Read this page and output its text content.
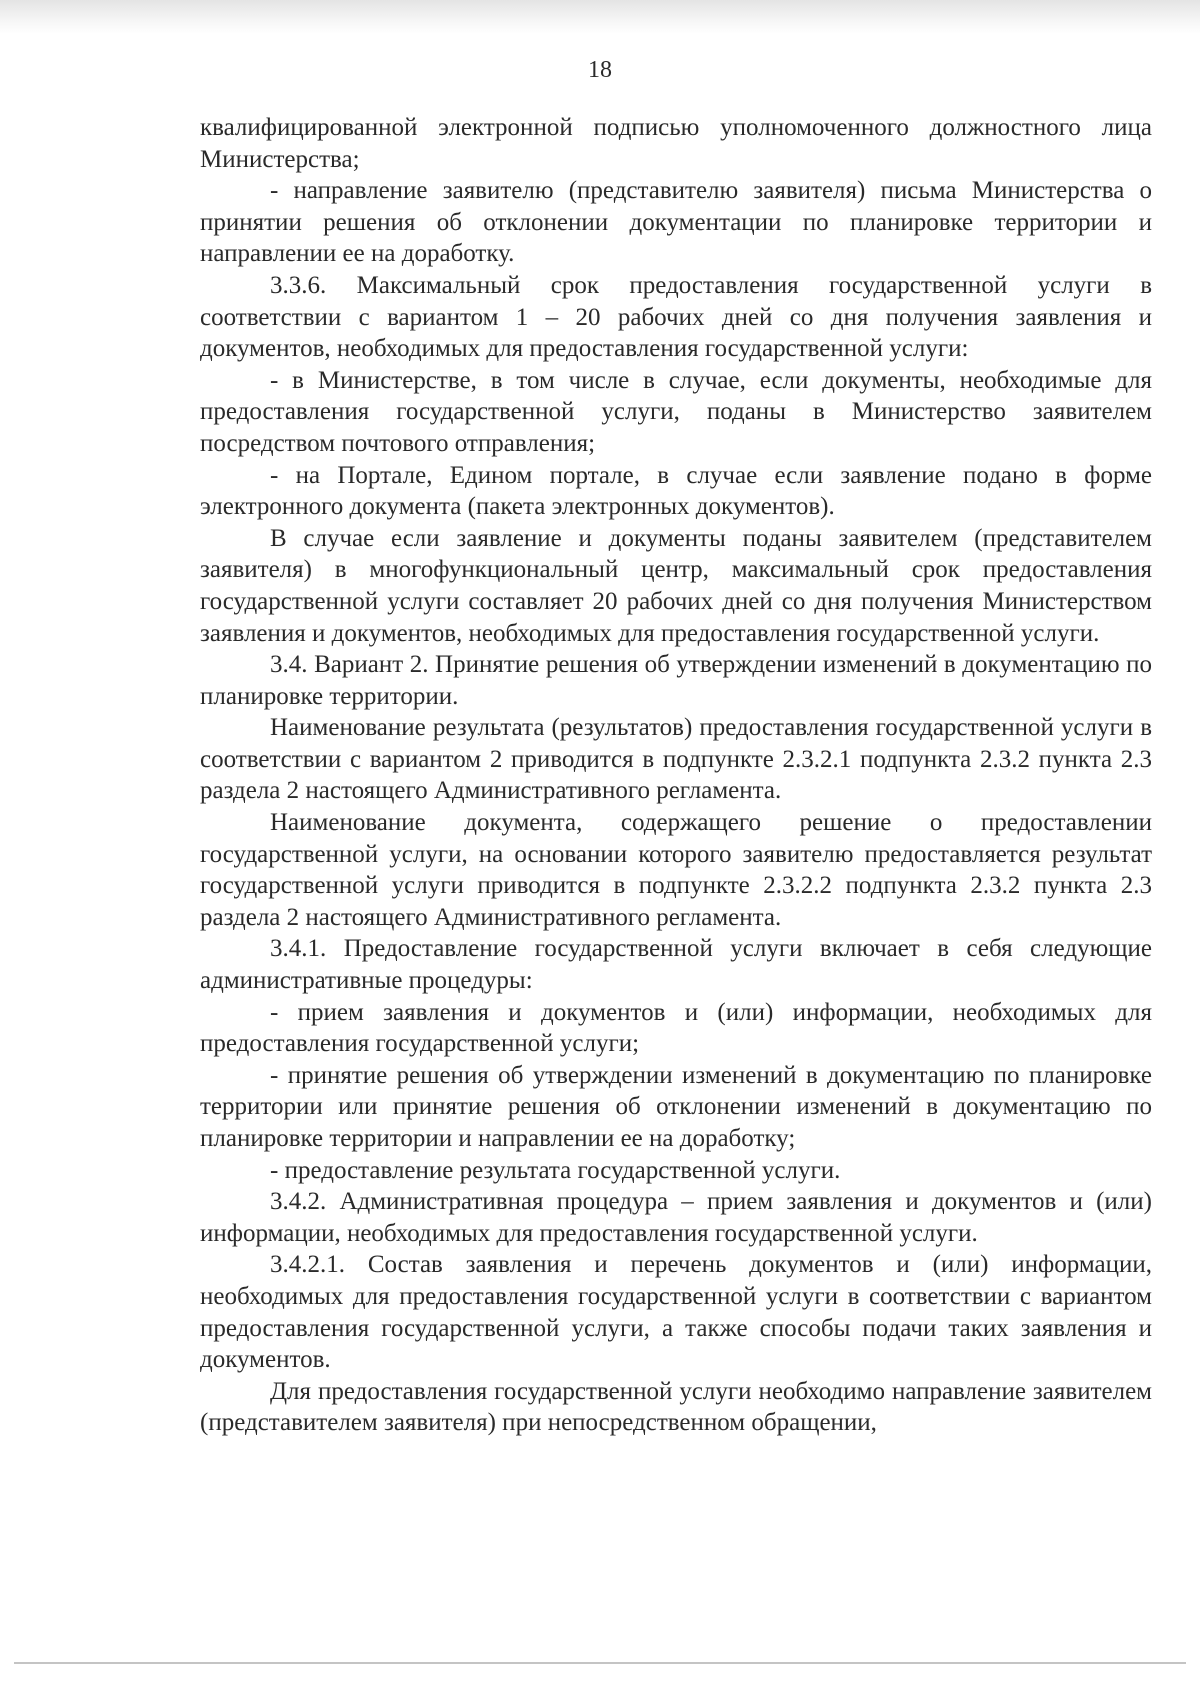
18

квалифицированной электронной подписью уполномоченного должностного лица Министерства;

- направление заявителю (представителю заявителя) письма Министерства о принятии решения об отклонении документации по планировке территории и направлении ее на доработку.

3.3.6. Максимальный срок предоставления государственной услуги в соответствии с вариантом 1 – 20 рабочих дней со дня получения заявления и документов, необходимых для предоставления государственной услуги:

- в Министерстве, в том числе в случае, если документы, необходимые для предоставления государственной услуги, поданы в Министерство заявителем посредством почтового отправления;

- на Портале, Едином портале, в случае если заявление подано в форме электронного документа (пакета электронных документов).

В случае если заявление и документы поданы заявителем (представителем заявителя) в многофункциональный центр, максимальный срок предоставления государственной услуги составляет 20 рабочих дней со дня получения Министерством заявления и документов, необходимых для предоставления государственной услуги.

3.4. Вариант 2. Принятие решения об утверждении изменений в документацию по планировке территории.

Наименование результата (результатов) предоставления государственной услуги в соответствии с вариантом 2 приводится в подпункте 2.3.2.1 подпункта 2.3.2 пункта 2.3 раздела 2 настоящего Административного регламента.

Наименование документа, содержащего решение о предоставлении государственной услуги, на основании которого заявителю предоставляется результат государственной услуги приводится в подпункте 2.3.2.2 подпункта 2.3.2 пункта 2.3 раздела 2 настоящего Административного регламента.

3.4.1. Предоставление государственной услуги включает в себя следующие административные процедуры:

- прием заявления и документов и (или) информации, необходимых для предоставления государственной услуги;

- принятие решения об утверждении изменений в документацию по планировке территории или принятие решения об отклонении изменений в документацию по планировке территории и направлении ее на доработку;

- предоставление результата государственной услуги.

3.4.2. Административная процедура – прием заявления и документов и (или) информации, необходимых для предоставления государственной услуги.

3.4.2.1. Состав заявления и перечень документов и (или) информации, необходимых для предоставления государственной услуги в соответствии с вариантом предоставления государственной услуги, а также способы подачи таких заявления и документов.

Для предоставления государственной услуги необходимо направление заявителем (представителем заявителя) при непосредственном обращении,
